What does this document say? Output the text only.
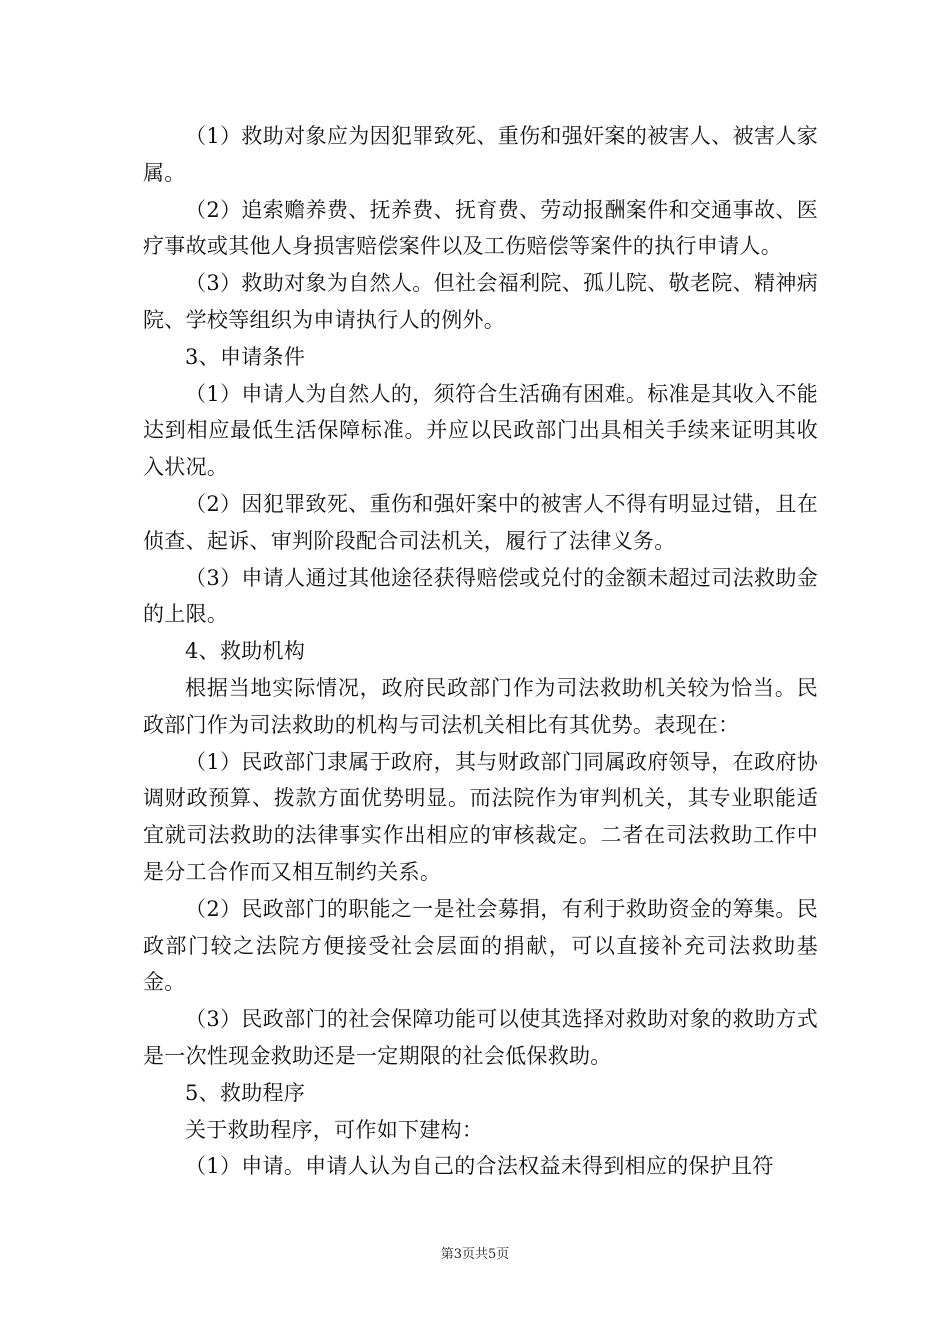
（1）救助对象应为因犯罪致死、重伤和强奸案的被害人、被害人家属。

（2）追索赡养费、抚养费、抚育费、劳动报酬案件和交通事故、医疗事故或其他人身损害赔偿案件以及工伤赔偿等案件的执行申请人。

（3）救助对象为自然人。但社会福利院、孤儿院、敬老院、精神病院、学校等组织为申请执行人的例外。

3、申请条件

（1）申请人为自然人的，须符合生活确有困难。标准是其收入不能达到相应最低生活保障标准。并应以民政部门出具相关手续来证明其收入状况。

（2）因犯罪致死、重伤和强奸案中的被害人不得有明显过错，且在侦查、起诉、审判阶段配合司法机关，履行了法律义务。

（3）申请人通过其他途径获得赔偿或兑付的金额未超过司法救助金的上限。

4、救助机构

根据当地实际情况，政府民政部门作为司法救助机关较为恰当。民政部门作为司法救助的机构与司法机关相比有其优势。表现在：

（1）民政部门隶属于政府，其与财政部门同属政府领导，在政府协调财政预算、拨款方面优势明显。而法院作为审判机关，其专业职能适宜就司法救助的法律事实作出相应的审核裁定。二者在司法救助工作中是分工合作而又相互制约关系。

（2）民政部门的职能之一是社会募捐，有利于救助资金的筹集。民政部门较之法院方便接受社会层面的捐献，可以直接补充司法救助基金。

（3）民政部门的社会保障功能可以使其选择对救助对象的救助方式是一次性现金救助还是一定期限的社会低保救助。

5、救助程序

关于救助程序，可作如下建构：

（1）申请。申请人认为自己的合法权益未得到相应的保护且符

第3页共5页
